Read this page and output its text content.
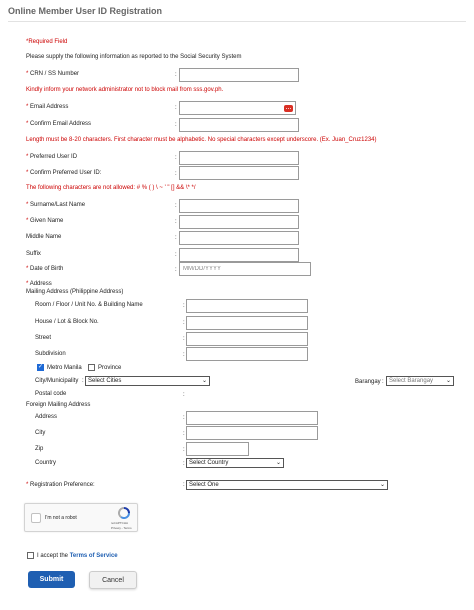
Online Member User ID Registration
*Required Field
Please supply the following information as reported to the Social Security System
* CRN / SS Number	:
Kindly inform your network administrator not to block mail from sss.gov.ph.
* Email Address	:
* Confirm Email Address	:
Length must be 8-20 characters. First character must be alphabetic. No special characters except underscore. (Ex. Juan_Cruz1234)
* Preferred User ID	:
* Confirm Preferred User ID:	:
The following characters are not allowed: # % ( ) \ ~ ' " [] && \* */
* Surname/Last Name	:
* Given Name	:
Middle Name	:
Suffix	:
* Date of Birth	:
MM/DD/YYYY
* Address
Mailing Address (Philippine Address)
Room / Floor / Unit No. & Building Name	:
House / Lot & Block No.	:
Street	:
Subdivision	:
✓ Metro Manila	Province
City/Municipality : Select Cities	⌄	Barangay : Select Barangay ⌄
Postal code	:
Foreign Mailing Address
Address	:
City	:
Zip	:
Country	: Select Country	⌄
* Registration Preference:	: Select One	⌄
I'm not a robot
reCAPTCHA
Privacy - Terms
I accept the Terms of Service
Submit	Cancel
